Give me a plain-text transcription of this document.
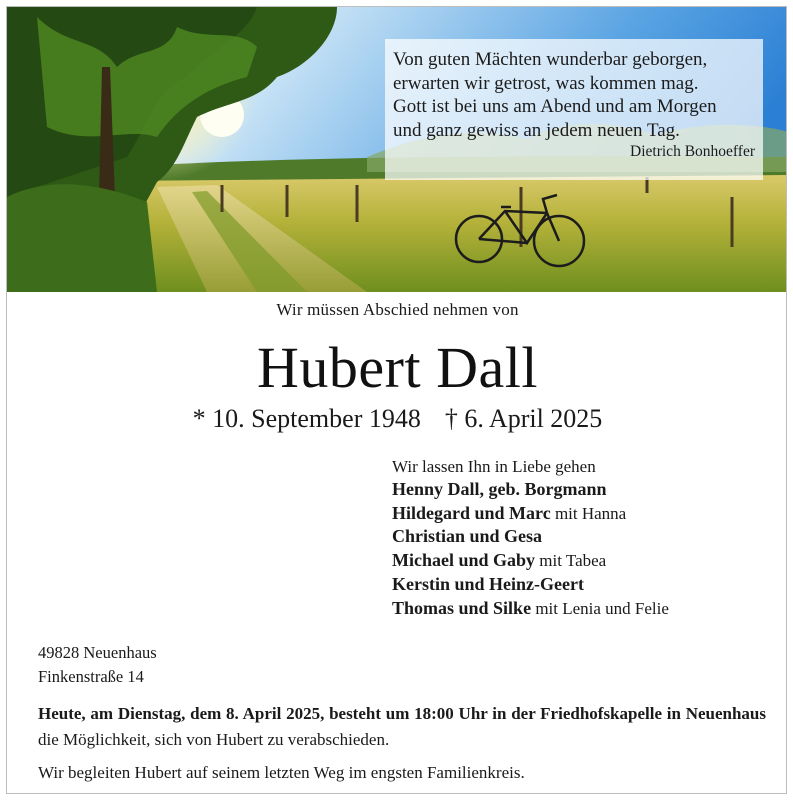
Von guten Mächten wunderbar geborgen,
erwarten wir getrost, was kommen mag.
Gott ist bei uns am Abend und am Morgen
und ganz gewiss an jedem neuen Tag.
Dietrich Bonhoeffer
Wir müssen Abschied nehmen von
Hubert Dall
* 10. September 1948 † 6. April 2025
Wir lassen Ihn in Liebe gehen
Henny Dall, geb. Borgmann
Hildegard und Marc mit Hanna
Christian und Gesa
Michael und Gaby mit Tabea
Kerstin und Heinz-Geert
Thomas und Silke mit Lenia und Felie
49828 Neuenhaus
Finkenstraße 14
Heute, am Dienstag, dem 8. April 2025, besteht um 18:00 Uhr in der Friedhofskapelle in Neuenhaus die Möglichkeit, sich von Hubert zu verabschieden.
Wir begleiten Hubert auf seinem letzten Weg im engsten Familienkreis.
